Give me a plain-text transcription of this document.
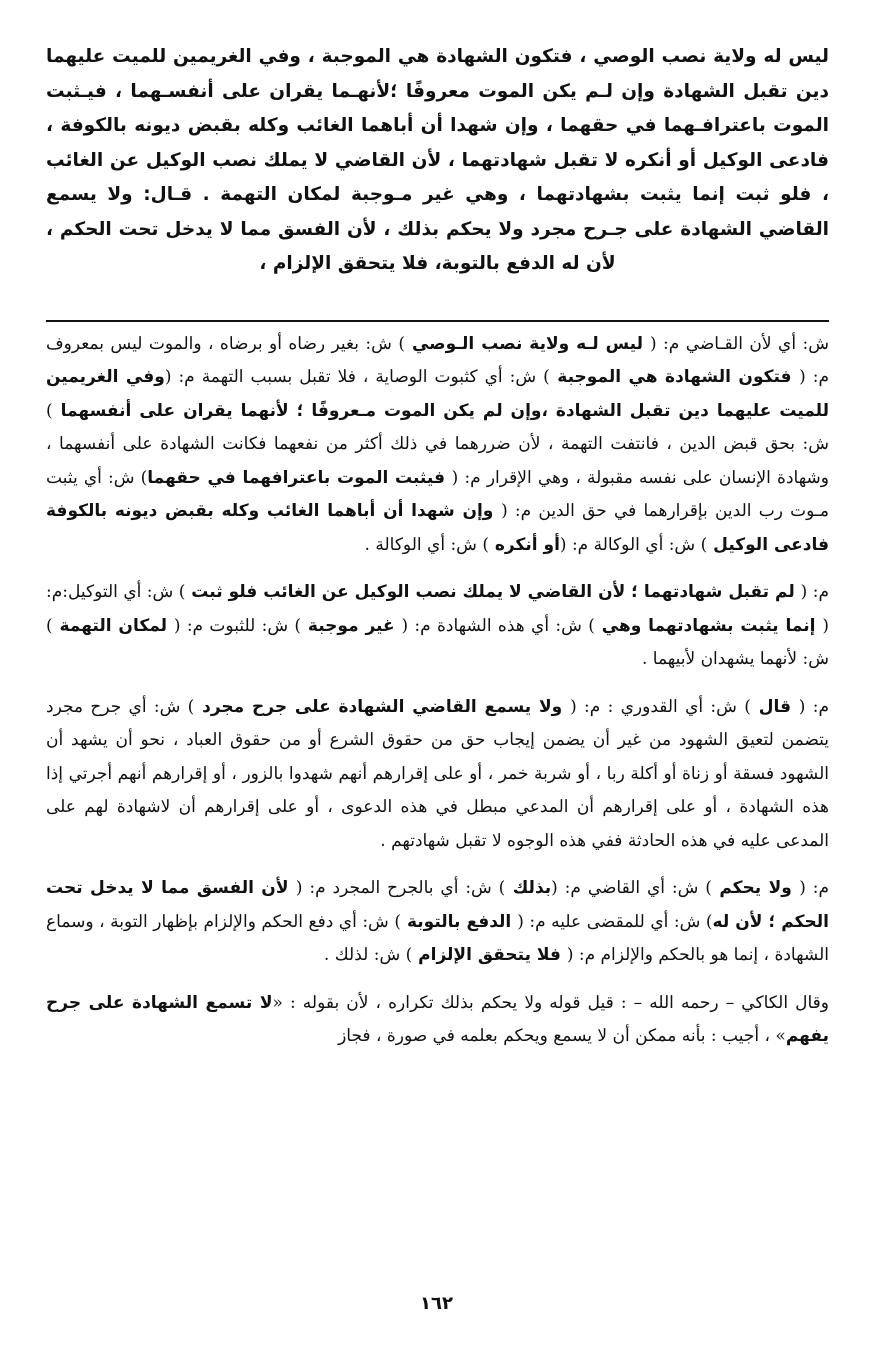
ليس له ولاية نصب الوصي ، فتكون الشهادة هي الموجبة ، وفي الغريمين للميت عليهما دين تقبل الشهادة وإن لـم يكن الموت معروفًا ؛لأنهـما يقران على أنفسـهما ، فيـثبت الموت باعترافـهما في حقهما ، وإن شهدا أن أباهما الغائب وكله بقبض ديونه بالكوفة ، فادعى الوكيل أو أنكره لا تقبل شهادتهما ، لأن القاضي لا يملك نصب الوكيل عن الغائب ، فلو ثبت إنما يثبت بشهادتهما ، وهي غير مـوجبة لمكان التهمة . قـال: ولا يسمع القاضي الشهادة على جـرح مجرد ولا يحكم بذلك ، لأن الفسق مما لا يدخل تحت الحكم ، لأن له الدفع بالتوبة، فلا يتحقق الإلزام ،

ش: أي لأن القـاضي م: ( ليس لـه ولاية نصب الـوصي ) ش: بغير رضاه أو برضاه ، والموت ليس بمعروف م: ( فتكون الشهادة هي الموجبة ) ش: أي كثبوت الوصاية ، فلا تقبل بسبب التهمة م: (وفي الغريمين للميت عليهما دين تقبل الشهادة ،وإن لم يكن الموت مـعروفًا ؛ لأنهما يقران على أنفسهما ) ش: بحق قبض الدين ، فانتفت التهمة ، لأن ضررهما في ذلك أكثر من نفعهما فكانت الشهادة على أنفسهما ، وشهادة الإنسان على نفسه مقبولة ، وهي الإقرار م: ( فيثبت الموت باعترافهما في حقهما) ش: أي يثبت مـوت رب الدين بإقرارهما في حق الدين م: ( وإن شهدا أن أباهما الغائب وكله بقبض ديونه بالكوفة فادعى الوكيل ) ش: أي الوكالة م: (أو أنكره ) ش: أي الوكالة .

م: ( لم تقبل شهادتهما ؛ لأن القاضي لا يملك نصب الوكيل عن الغائب فلو ثبت ) ش: أي التوكيل:م: ( إنما يثبت بشهادتهما وهي ) ش: أي هذه الشهادة م: ( غير موجبة ) ش: للثبوت م: ( لمكان التهمة ) ش: لأنهما يشهدان لأبيهما .

م: ( قال ) ش: أي القدوري : م: ( ولا يسمع القاضي الشهادة على جرح مجرد ) ش: أي جرح مجرد يتضمن لتعيق الشهود من غير أن يضمن إيجاب حق من حقوق الشرع أو من حقوق العباد ، نحو أن يشهد أن الشهود فسقة أو زناة أو أكلة ربا ، أو شربة خمر ، أو على إقرارهم أنهم شهدوا بالزور ، أو إقرارهم أنهم أجرتي إذا هذه الشهادة ، أو على إقرارهم أن المدعي مبطل في هذه الدعوى ، أو على إقرارهم أن لاشهادة لهم على المدعى عليه في هذه الحادثة ففي هذه الوجوه لا تقبل شهادتهم .

م: ( ولا يحكم ) ش: أي القاضي م: (بذلك ) ش: أي بالجرح المجرد م: ( لأن الفسق مما لا يدخل تحت الحكم ؛ لأن له) ش: أي للمقضى عليه م: ( الدفع بالتوبة ) ش: أي دفع الحكم والإلزام بإظهار التوبة ، وسماع الشهادة ، إنما هو بالحكم والإلزام م: ( فلا يتحقق الإلزام ) ش: لذلك .

وقال الكاكي – رحمه الله – : قيل قوله ولا يحكم بذلك تكراره ، لأن بقوله : «لا تسمع الشهادة على جرح يفهم» ، أجيب : بأنه ممكن أن لا يسمع ويحكم بعلمه في صورة ، فجاز

١٦٢
